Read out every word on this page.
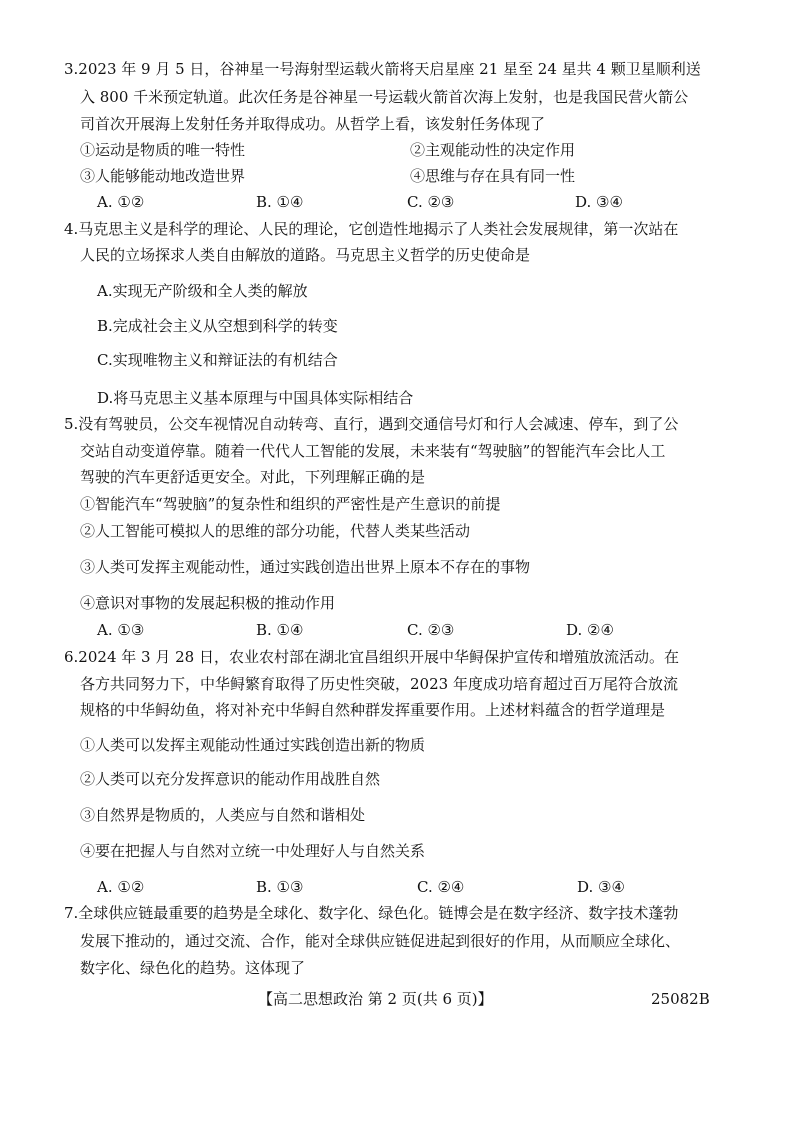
3.2023 年 9 月 5 日，谷神星一号海射型运载火箭将天启星座 21 星至 24 星共 4 颗卫星顺利送
入 800 千米预定轨道。此次任务是谷神星一号运载火箭首次海上发射，也是我国民营火箭公
司首次开展海上发射任务并取得成功。从哲学上看，该发射任务体现了
①运动是物质的唯一特性	②主观能动性的决定作用
③人能够能动地改造世界	④思维与存在具有同一性
A. ①②	B. ①④	C. ②③	D. ③④
4.马克思主义是科学的理论、人民的理论，它创造性地揭示了人类社会发展规律，第一次站在
人民的立场探求人类自由解放的道路。马克思主义哲学的历史使命是
A.实现无产阶级和全人类的解放
B.完成社会主义从空想到科学的转变
C.实现唯物主义和辩证法的有机结合
D.将马克思主义基本原理与中国具体实际相结合
5.没有驾驶员，公交车视情况自动转弯、直行，遇到交通信号灯和行人会减速、停车，到了公
交站自动变道停靠。随着一代代人工智能的发展，未来装有“驾驶脑”的智能汽车会比人工
驾驶的汽车更舒适更安全。对此，下列理解正确的是
①智能汽车“驾驶脑”的复杂性和组织的严密性是产生意识的前提
②人工智能可模拟人的思维的部分功能，代替人类某些活动
③人类可发挥主观能动性，通过实践创造出世界上原本不存在的事物
④意识对事物的发展起积极的推动作用
A. ①③	B. ①④	C. ②③	D. ②④
6.2024 年 3 月 28 日，农业农村部在湖北宜昌组织开展中华鲟保护宣传和增殖放流活动。在
各方共同努力下，中华鲟繁育取得了历史性突破，2023 年度成功培育超过百万尾符合放流
规格的中华鲟幼鱼，将对补充中华鲟自然种群发挥重要作用。上述材料蕴含的哲学道理是
①人类可以发挥主观能动性通过实践创造出新的物质
②人类可以充分发挥意识的能动作用战胜自然
③自然界是物质的，人类应与自然和谐相处
④要在把握人与自然对立统一中处理好人与自然关系
A. ①②	B. ①③	C. ②④	D. ③④
7.全球供应链最重要的趋势是全球化、数字化、绿色化。链博会是在数字经济、数字技术蓬勃
发展下推动的，通过交流、合作，能对全球供应链促进起到很好的作用，从而顺应全球化、
数字化、绿色化的趋势。这体现了
【高二思想政治 第 2 页(共 6 页)】	25082B
